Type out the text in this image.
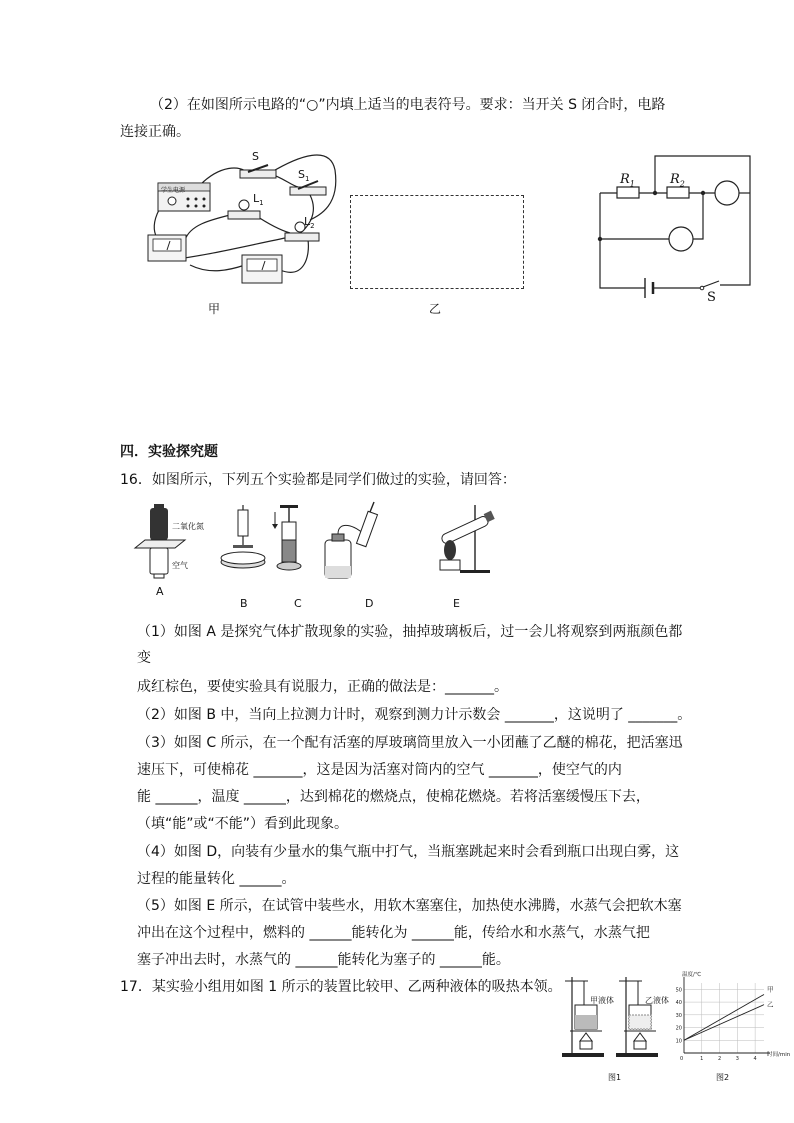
（2）在如图所示电路的“○”内填上适当的电表符号。要求：当开关 S 闭合时，电路
连接正确。
学生电源
S
$S_1$
$L_1$
$L_2$
甲	乙
$R_1$	$R_2$
S
四．实验探究题
16．如图所示，下列五个实验都是同学们做过的实验，请回答：
二氧化氮
空气
A
B	C	D	E
（1）如图 A 是探究气体扩散现象的实验，抽掉玻璃板后，过一会儿将观察到两瓶颜色都
变
成红棕色，要使实验具有说服力，正确的做法是：_______。
（2）如图 B 中，当向上拉测力计时，观察到测力计示数会 _______，这说明了 _______。
（3）如图 C 所示，在一个配有活塞的厚玻璃筒里放入一小团蘸了乙醚的棉花，把活塞迅
速压下，可使棉花 _______，这是因为活塞对筒内的空气 _______，使空气的内
能 ______，温度 ______，达到棉花的燃烧点，使棉花燃烧。若将活塞缓慢压下去，
（填“能”或“不能”）看到此现象。
（4）如图 D，向装有少量水的集气瓶中打气，当瓶塞跳起来时会看到瓶口出现白雾，这
过程的能量转化 ______。
（5）如图 E 所示，在试管中装些水，用软木塞塞住，加热使水沸腾，水蒸气会把软木塞
冲出在这个过程中，燃料的 ______能转化为 ______能，传给水和水蒸气，水蒸气把
塞子冲出去时，水蒸气的 ______能转化为塞子的 ______能。
17．某实验小组用如图 1 所示的装置比较甲、乙两种液体的吸热本领。
甲液体	乙液体
图1
10
20
30
40
50
1	2	3	4
0
温度/℃
时间/min
甲
乙
图2
